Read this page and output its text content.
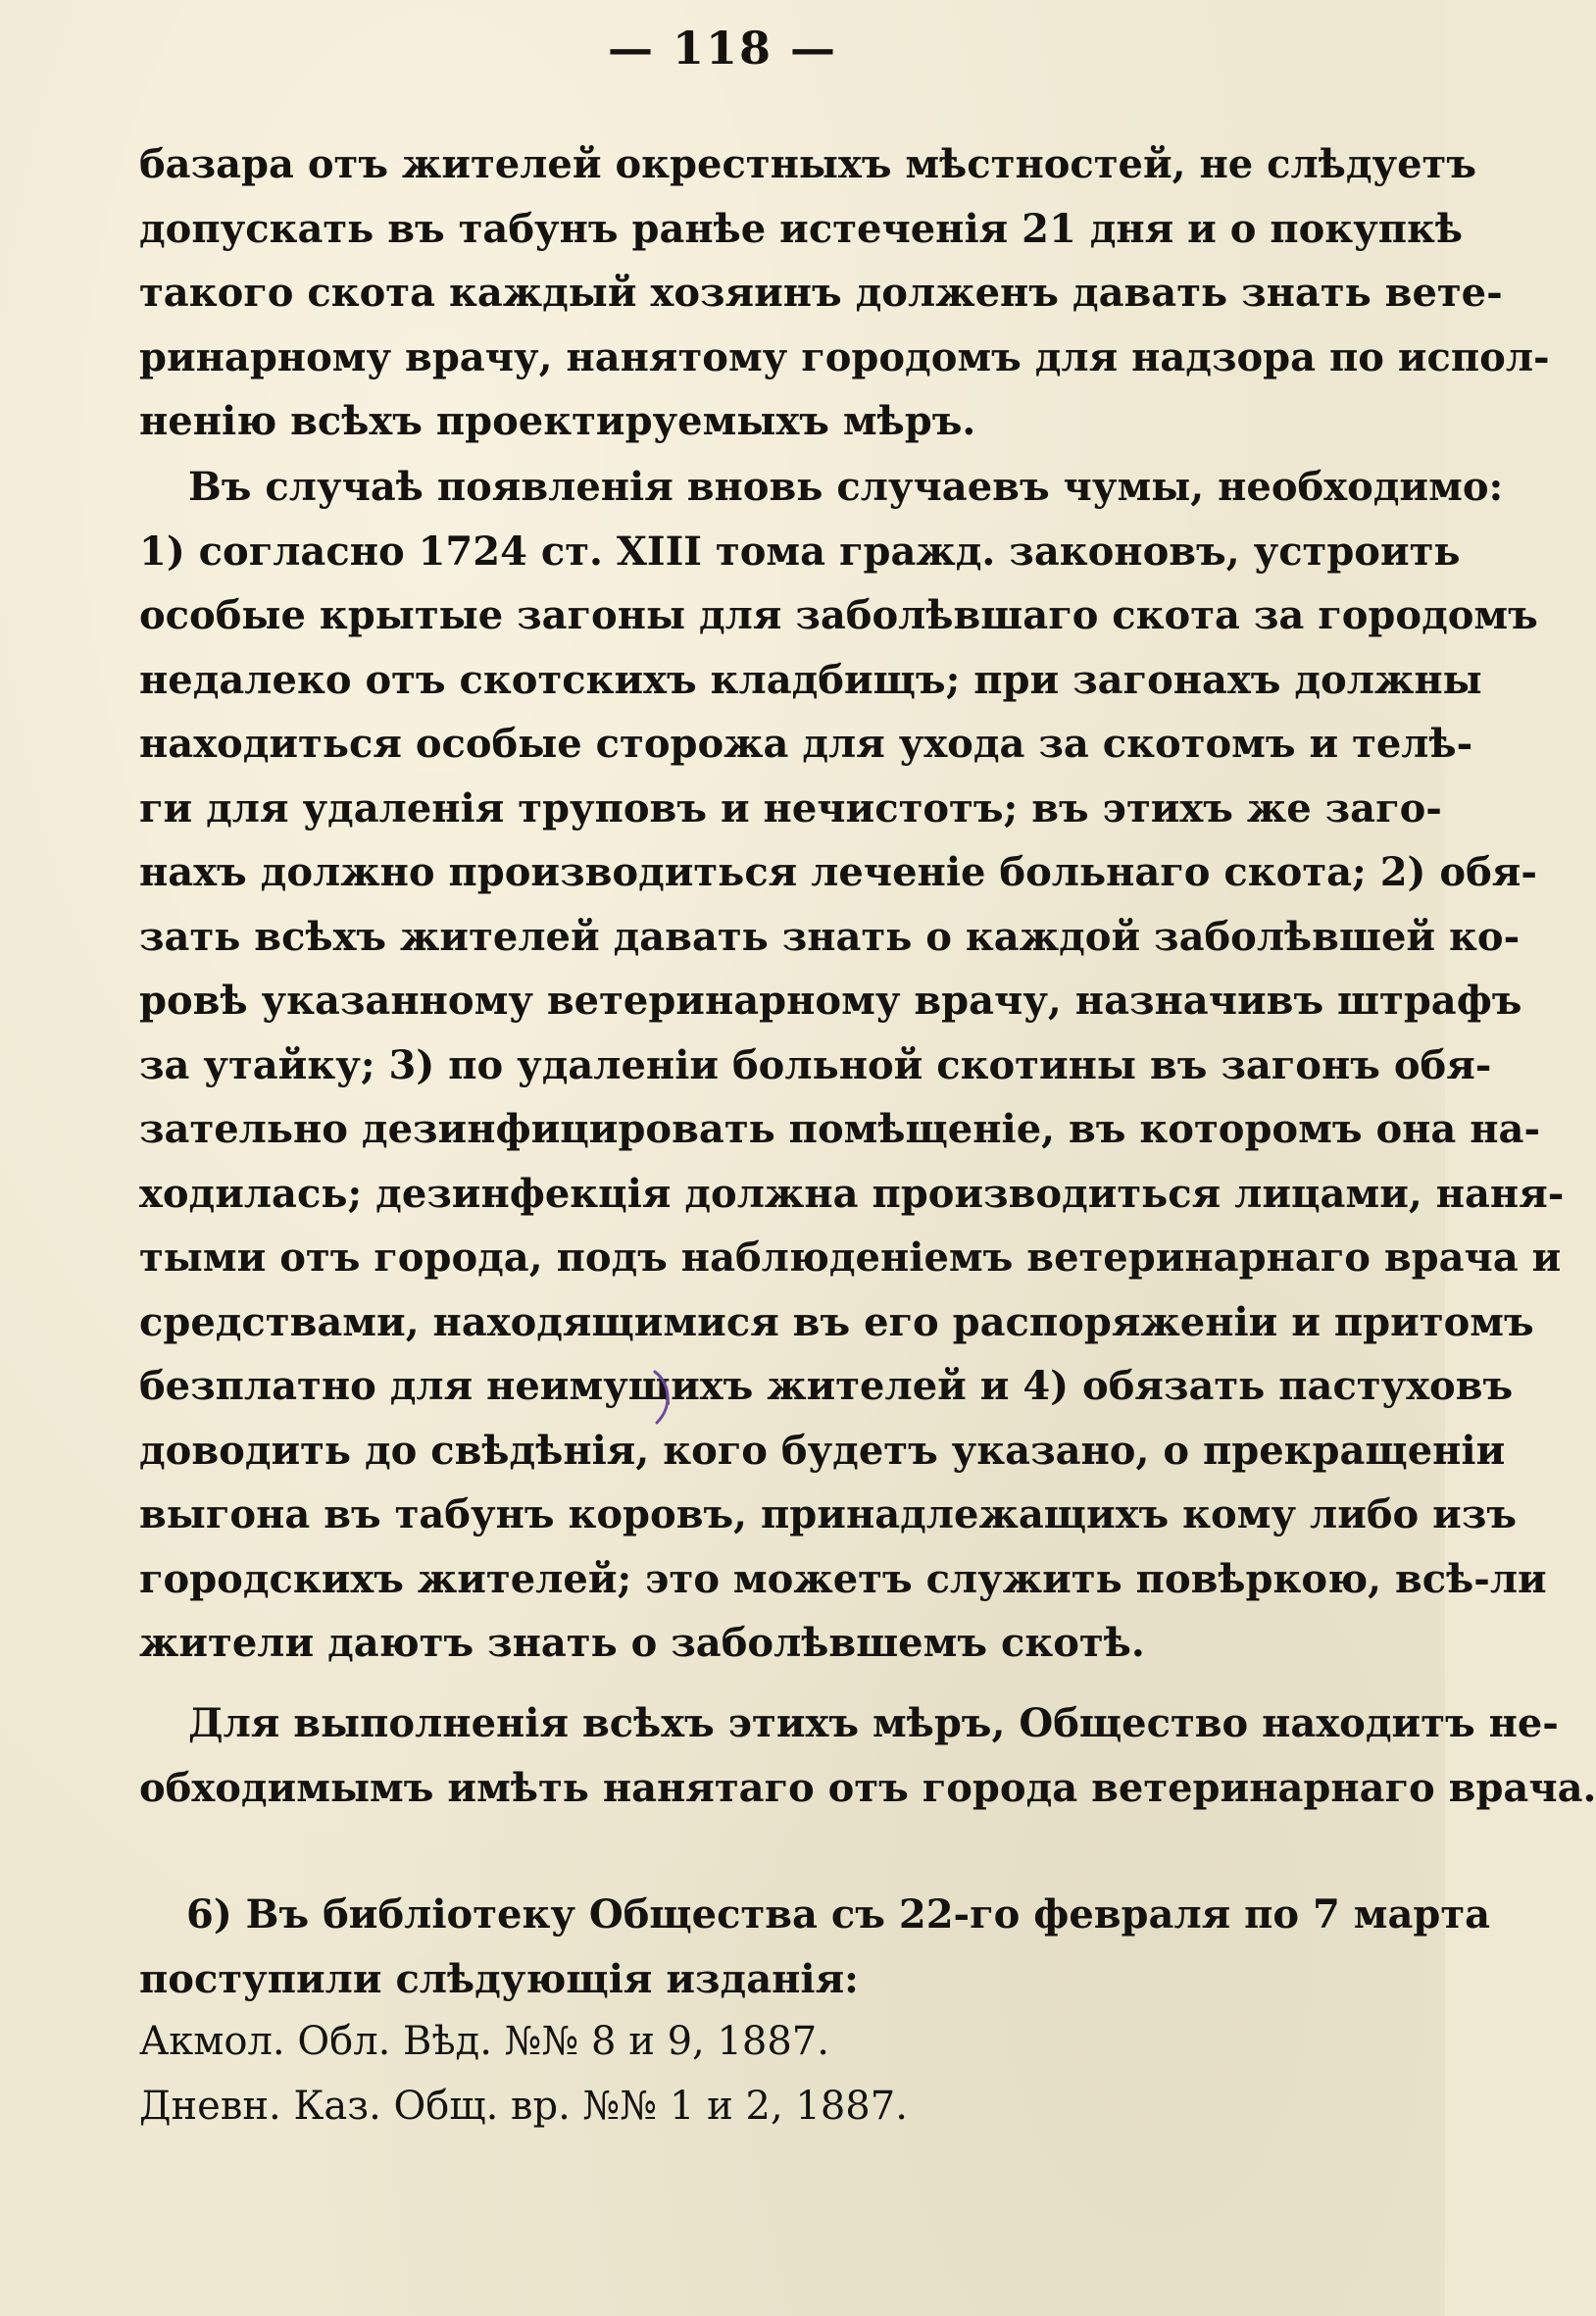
— 118 —
базара отъ жителей окрестныхъ мѣстностей, не слѣдуетъ
допускать въ табунъ ранѣе истеченія 21 дня и о покупкѣ
такого скота каждый хозяинъ долженъ давать знать вете-
ринарному врачу, нанятому городомъ для надзора по испол-
ненію всѣхъ проектируемыхъ мѣръ.
Въ случаѣ появленія вновь случаевъ чумы, необходимо:
1) согласно 1724 ст. XIII тома гражд. законовъ, устроить
особые крытые загоны для заболѣвшаго скота за городомъ
недалеко отъ скотскихъ кладбищъ; при загонахъ должны
находиться особые сторожа для ухода за скотомъ и телѣ-
ги для удаленія труповъ и нечистотъ; въ этихъ же заго-
нахъ должно производиться леченіе больнаго скота; 2) обя-
зать всѣхъ жителей давать знать о каждой заболѣвшей ко-
ровѣ указанному ветеринарному врачу, назначивъ штрафъ
за утайку; 3) по удаленіи больной скотины въ загонъ обя-
зательно дезинфицировать помѣщеніе, въ которомъ она на-
ходилась; дезинфекція должна производиться лицами, наня-
тыми отъ города, подъ наблюденіемъ ветеринарнаго врача и
средствами, находящимися въ его распоряженіи и притомъ
безплатно для неимущихъ жителей и 4) обязать пастуховъ
доводить до свѣдѣнія, кого будетъ указано, о прекращеніи
выгона въ табунъ коровъ, принадлежащихъ кому либо изъ
городскихъ жителей; это можетъ служить повѣркою, всѣ-ли
жители даютъ знать о заболѣвшемъ скотѣ.
Для выполненія всѣхъ этихъ мѣръ, Общество находитъ не-
обходимымъ имѣть нанятаго отъ города ветеринарнаго врача.
6) Въ библіотеку Общества съ 22-го февраля по 7 марта
поступили слѣдующія изданія:
Акмол. Обл. Вѣд. №№ 8 и 9, 1887.
Дневн. Каз. Общ. вр. №№ 1 и 2, 1887.
